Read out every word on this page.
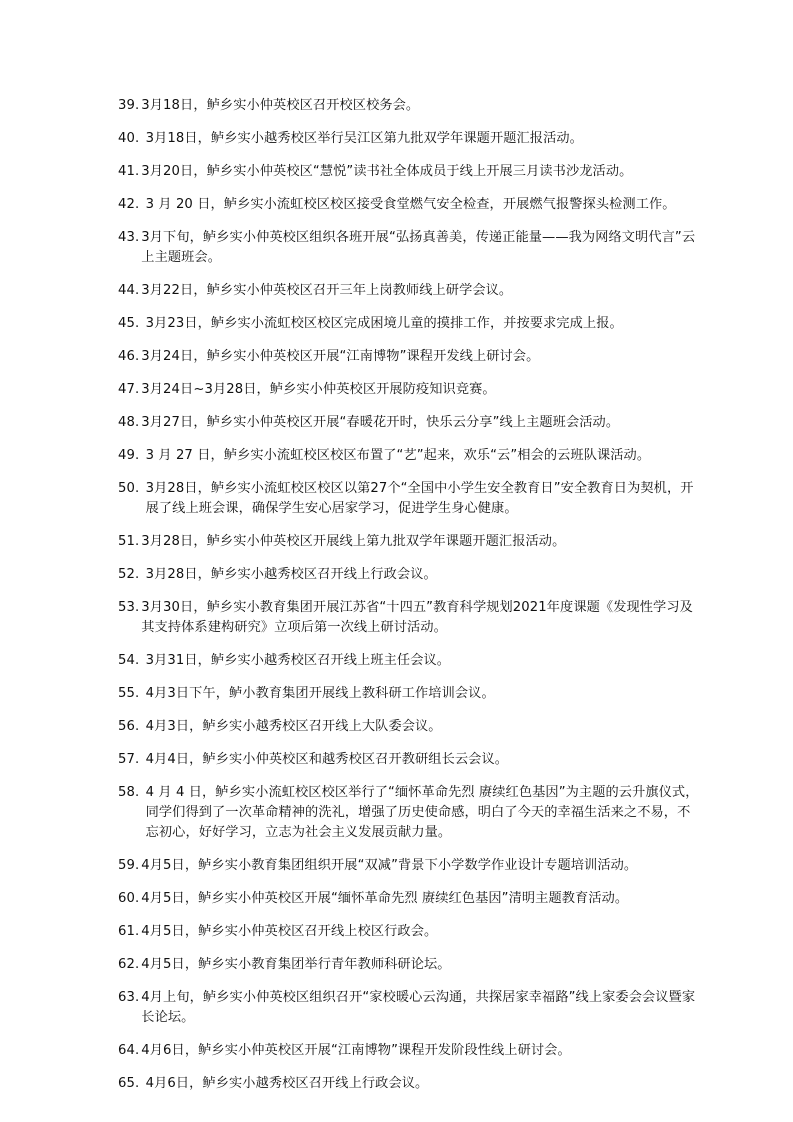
39. 3月18日，鲈乡实小仲英校区召开校区校务会。
40. 3月18日，鲈乡实小越秀校区举行吴江区第九批双学年课题开题汇报活动。
41. 3月20日，鲈乡实小仲英校区“慧悦”读书社全体成员于线上开展三月读书沙龙活动。
42. 3 月 20 日，鲈乡实小流虹校区校区接受食堂燃气安全检查，开展燃气报警探头检测工作。
43. 3月下旬，鲈乡实小仲英校区组织各班开展“弘扬真善美，传递正能量——我为网络文明代言”云上主题班会。
44. 3月22日，鲈乡实小仲英校区召开三年上岗教师线上研学会议。
45. 3月23日，鲈乡实小流虹校区校区完成困境儿童的摸排工作，并按要求完成上报。
46. 3月24日，鲈乡实小仲英校区开展“江南博物”课程开发线上研讨会。
47. 3月24日~3月28日，鲈乡实小仲英校区开展防疫知识竞赛。
48. 3月27日，鲈乡实小仲英校区开展“春暖花开时，快乐云分享”线上主题班会活动。
49. 3 月 27 日，鲈乡实小流虹校区校区布置了“艺”起来，欢乐“云”相会的云班队课活动。
50. 3月28日，鲈乡实小流虹校区校区以第27个“全国中小学生安全教育日”安全教育日为契机，开展了线上班会课，确保学生安心居家学习，促进学生身心健康。
51. 3月28日，鲈乡实小仲英校区开展线上第九批双学年课题开题汇报活动。
52. 3月28日，鲈乡实小越秀校区召开线上行政会议。
53. 3月30日，鲈乡实小教育集团开展江苏省“十四五”教育科学规划2021年度课题《发现性学习及其支持体系建构研究》立项后第一次线上研讨活动。
54. 3月31日，鲈乡实小越秀校区召开线上班主任会议。
55. 4月3日下午，鲈小教育集团开展线上教科研工作培训会议。
56. 4月3日，鲈乡实小越秀校区召开线上大队委会议。
57. 4月4日，鲈乡实小仲英校区和越秀校区召开教研组长云会议。
58. 4 月 4 日，鲈乡实小流虹校区校区举行了“缅怀革命先烈 赓续红色基因”为主题的云升旗仪式，同学们得到了一次革命精神的洗礼，增强了历史使命感，明白了今天的幸福生活来之不易，不忘初心，好好学习，立志为社会主义发展贡献力量。
59. 4月5日，鲈乡实小教育集团组织开展“双减”背景下小学数学作业设计专题培训活动。
60. 4月5日，鲈乡实小仲英校区开展“缅怀革命先烈 赓续红色基因”清明主题教育活动。
61. 4月5日，鲈乡实小仲英校区召开线上校区行政会。
62. 4月5日，鲈乡实小教育集团举行青年教师科研论坛。
63. 4月上旬，鲈乡实小仲英校区组织召开“家校暖心云沟通，共探居家幸福路”线上家委会会议暨家长论坛。
64. 4月6日，鲈乡实小仲英校区开展“江南博物”课程开发阶段性线上研讨会。
65. 4月6日，鲈乡实小越秀校区召开线上行政会议。
